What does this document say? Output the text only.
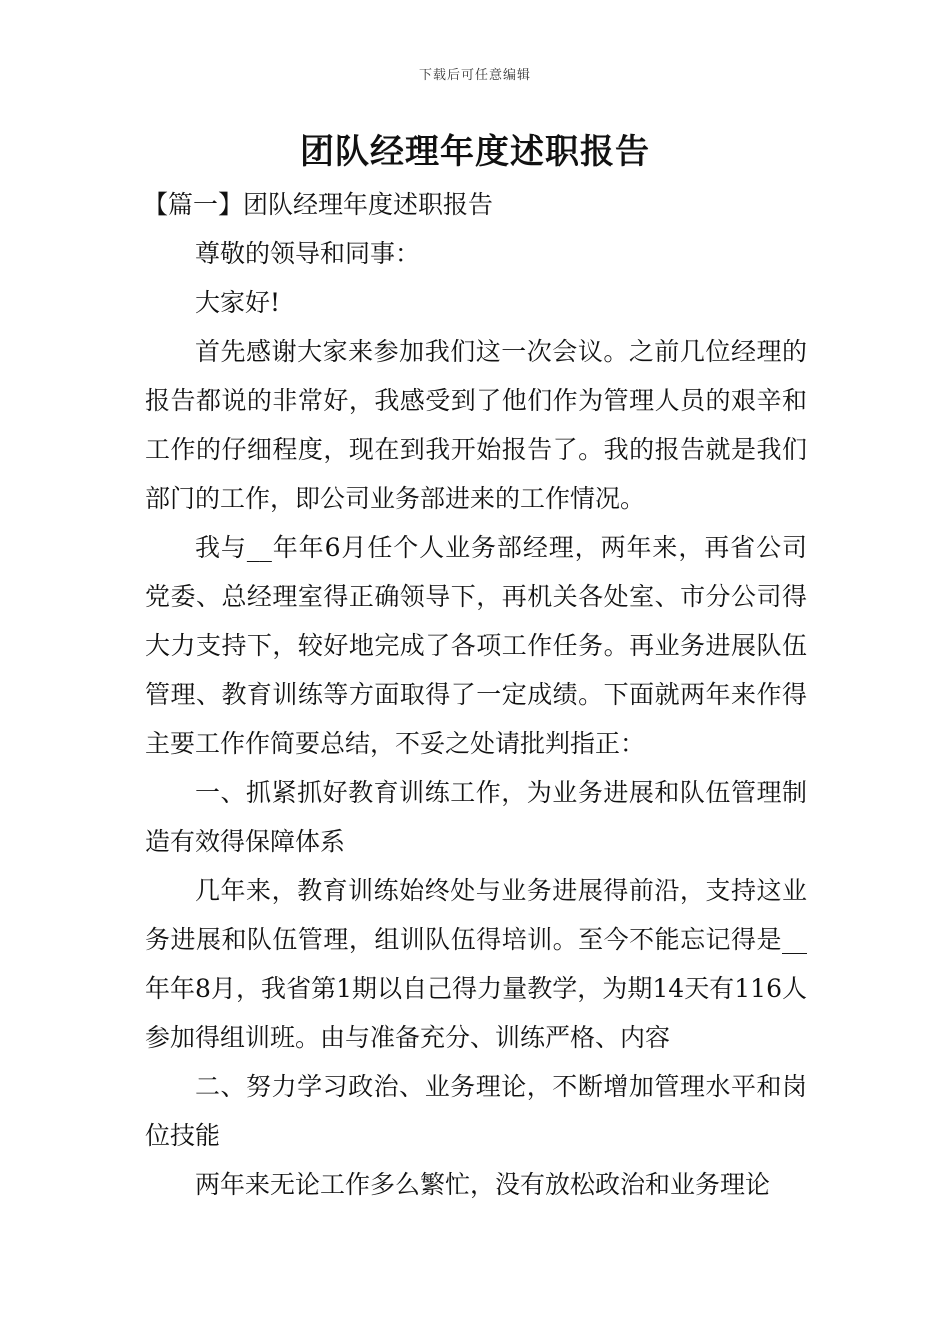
下载后可任意编辑
团队经理年度述职报告

【篇一】团队经理年度述职报告

尊敬的领导和同事：

大家好!

首先感谢大家来参加我们这一次会议。之前几位经理的报告都说的非常好，我感受到了他们作为管理人员的艰辛和工作的仔细程度，现在到我开始报告了。我的报告就是我们部门的工作，即公司业务部进来的工作情况。

我与__年年6月任个人业务部经理，两年来，再省公司党委、总经理室得正确领导下，再机关各处室、市分公司得大力支持下，较好地完成了各项工作任务。再业务进展队伍管理、教育训练等方面取得了一定成绩。下面就两年来作得主要工作作简要总结，不妥之处请批判指正：

一、抓紧抓好教育训练工作，为业务进展和队伍管理制造有效得保障体系

几年来，教育训练始终处与业务进展得前沿，支持这业务进展和队伍管理，组训队伍得培训。至今不能忘记得是__年年8月，我省第1期以自己得力量教学，为期14天有116人参加得组训班。由与准备充分、训练严格、内容

二、努力学习政治、业务理论，不断增加管理水平和岗位技能

两年来无论工作多么繁忙，没有放松政治和业务理论
